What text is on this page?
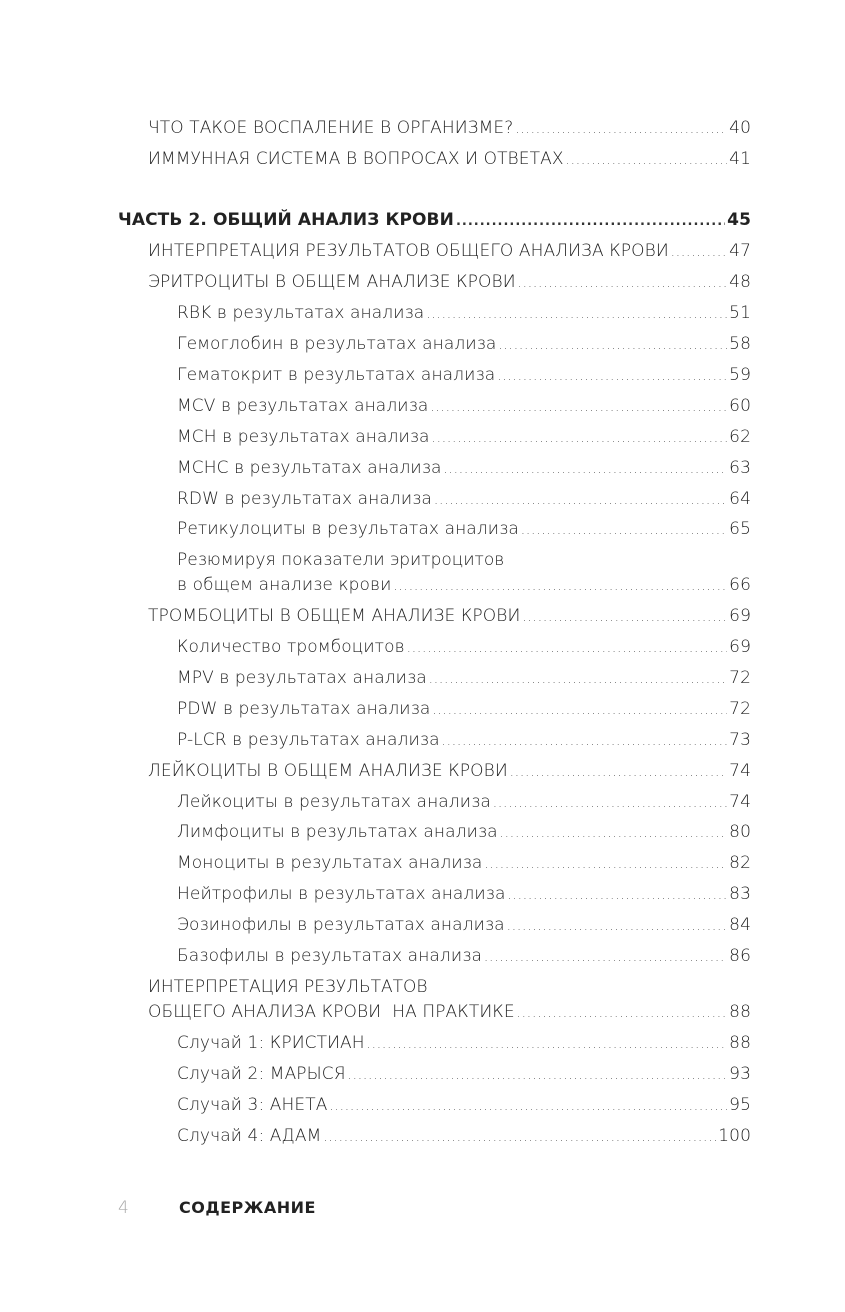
ЧТО ТАКОЕ ВОСПАЛЕНИЕ В ОРГАНИЗМЕ? .....	40
ИММУННАЯ СИСТЕМА В ВОПРОСАХ И ОТВЕТАХ .....	41
ЧАСТЬ 2. ОБЩИЙ АНАЛИЗ КРОВИ .....	45
ИНТЕРПРЕТАЦИЯ РЕЗУЛЬТАТОВ ОБЩЕГО АНАЛИЗА КРОВИ .....	47
ЭРИТРОЦИТЫ В ОБЩЕМ АНАЛИЗЕ КРОВИ .....	48
RBK в результатах анализа .....	51
Гемоглобин в результатах анализа .....	58
Гематокрит в результатах анализа .....	59
MCV в результатах анализа .....	60
MCH в результатах анализа .....	62
MCHC в результатах анализа .....	63
RDW в результатах анализа .....	64
Ретикулоциты в результатах анализа .....	65
Резюмируя показатели эритроцитов
в общем анализе крови .....	66
ТРОМБОЦИТЫ В ОБЩЕМ АНАЛИЗЕ КРОВИ .....	69
Количество тромбоцитов .....	69
MPV в результатах анализа .....	72
PDW в результатах анализа .....	72
P-LCR в результатах анализа .....	73
ЛЕЙКОЦИТЫ В ОБЩЕМ АНАЛИЗЕ КРОВИ .....	74
Лейкоциты в результатах анализа .....	74
Лимфоциты в результатах анализа .....	80
Моноциты в результатах анализа .....	82
Нейтрофилы в результатах анализа .....	83
Эозинофилы в результатах анализа .....	84
Базофилы в результатах анализа .....	86
ИНТЕРПРЕТАЦИЯ РЕЗУЛЬТАТОВ
ОБЩЕГО АНАЛИЗА КРОВИ  НА ПРАКТИКЕ .....	88
Случай 1: КРИСТИАН .....	88
Случай 2: МАРЫСЯ .....	93
Случай 3: АНЕТА .....	95
Случай 4: АДАМ .....	100
4	СОДЕРЖАНИЕ
